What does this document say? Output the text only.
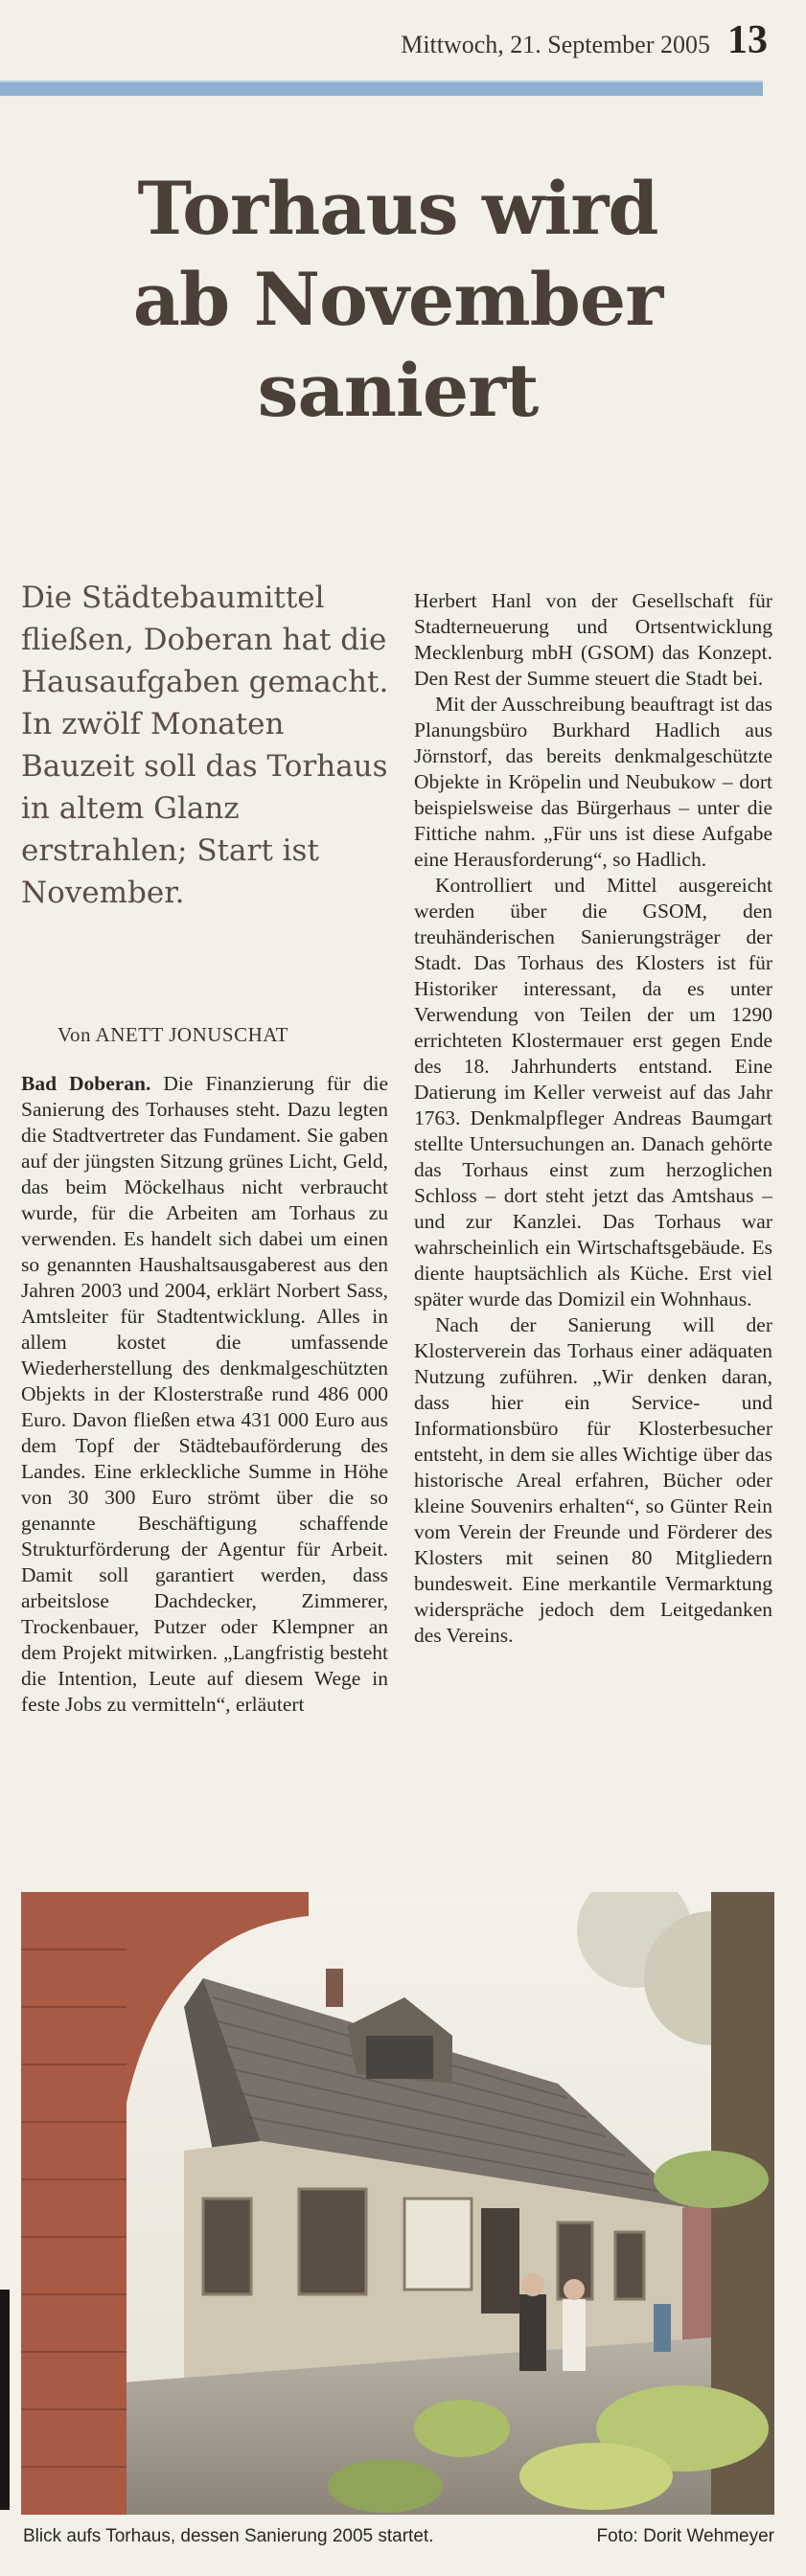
Mittwoch, 21. September 2005 13
Torhaus wird
ab November
saniert
Die Städtebaumittel fließen, Doberan hat die Hausaufgaben gemacht. In zwölf Monaten Bauzeit soll das Torhaus in altem Glanz erstrahlen; Start ist November.
Von ANETT JONUSCHAT

Bad Doberan. Die Finanzierung für die Sanierung des Torhauses steht. Dazu legten die Stadtvertreter das Fundament. Sie gaben auf der jüngsten Sitzung grünes Licht, Geld, das beim Möckelhaus nicht verbraucht wurde, für die Arbeiten am Torhaus zu verwenden. Es handelt sich dabei um einen so genannten Haushaltsausgaberest aus den Jahren 2003 und 2004, erklärt Norbert Sass, Amtsleiter für Stadtentwicklung. Alles in allem kostet die umfassende Wiederherstellung des denkmalgeschützten Objekts in der Klosterstraße rund 486 000 Euro. Davon fließen etwa 431 000 Euro aus dem Topf der Städtebauförderung des Landes. Eine erkleckliche Summe in Höhe von 30 300 Euro strömt über die so genannte Beschäftigung schaffende Strukturförderung der Agentur für Arbeit. Damit soll garantiert werden, dass arbeitslose Dachdecker, Zimmerer, Trockenbauer, Putzer oder Klempner an dem Projekt mitwirken. „Langfristig besteht die Intention, Leute auf diesem Wege in feste Jobs zu vermitteln“, erläutert

Herbert Hanl von der Gesellschaft für Stadterneuerung und Ortsentwicklung Mecklenburg mbH (GSOM) das Konzept. Den Rest der Summe steuert die Stadt bei.

Mit der Ausschreibung beauftragt ist das Planungsbüro Burkhard Hadlich aus Jörnstorf, das bereits denkmalgeschützte Objekte in Kröpelin und Neubukow – dort beispielsweise das Bürgerhaus – unter die Fittiche nahm. „Für uns ist diese Aufgabe eine Herausforderung“, so Hadlich.

Kontrolliert und Mittel ausgereicht werden über die GSOM, den treuhänderischen Sanierungsträger der Stadt. Das Torhaus des Klosters ist für Historiker interessant, da es unter Verwendung von Teilen der um 1290 errichteten Klostermauer erst gegen Ende des 18. Jahrhunderts entstand. Eine Datierung im Keller verweist auf das Jahr 1763. Denkmalpfleger Andreas Baumgart stellte Untersuchungen an. Danach gehörte das Torhaus einst zum herzoglichen Schloss – dort steht jetzt das Amtshaus – und zur Kanzlei. Das Torhaus war wahrscheinlich ein Wirtschaftsgebäude. Es diente hauptsächlich als Küche. Erst viel später wurde das Domizil ein Wohnhaus.

Nach der Sanierung will der Klosterverein das Torhaus einer adäquaten Nutzung zuführen. „Wir denken daran, dass hier ein Service- und Informationsbüro für Klosterbesucher entsteht, in dem sie alles Wichtige über das historische Areal erfahren, Bücher oder kleine Souvenirs erhalten“, so Günter Rein vom Verein der Freunde und Förderer des Klosters mit seinen 80 Mitgliedern bundesweit. Eine merkantile Vermarktung widerspräche jedoch dem Leitgedanken des Vereins.

Blick aufs Torhaus, dessen Sanierung 2005 startet.	Foto: Dorit Wehmeyer
